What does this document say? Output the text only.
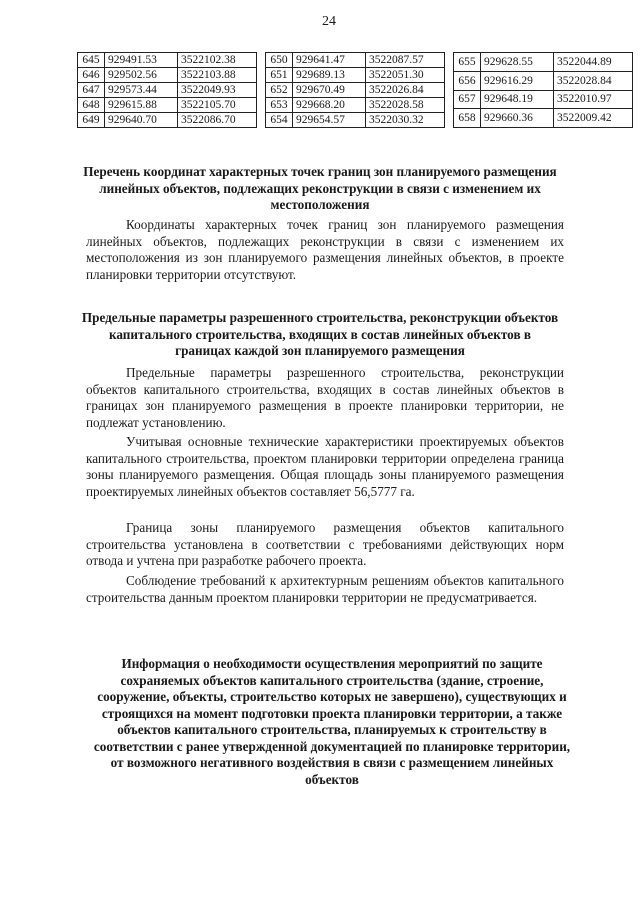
24
645	929491.53	3522102.38
646	929502.56	3522103.88
647	929573.44	3522049.93
648	929615.88	3522105.70
649	929640.70	3522086.70
650	929641.47	3522087.57
651	929689.13	3522051.30
652	929670.49	3522026.84
653	929668.20	3522028.58
654	929654.57	3522030.32
655	929628.55	3522044.89
656	929616.29	3522028.84
657	929648.19	3522010.97
658	929660.36	3522009.42
Перечень координат характерных точек границ зон планируемого размещения линейных объектов, подлежащих реконструкции в связи с изменением их местоположения
Координаты характерных точек границ зон планируемого размещения линейных объектов, подлежащих реконструкции в связи с изменением их местоположения из зон планируемого размещения линейных объектов, в проекте планировки территории отсутствуют.
Предельные параметры разрешенного строительства, реконструкции объектов капитального строительства, входящих в состав линейных объектов в границах каждой зон планируемого размещения
Предельные параметры разрешенного строительства, реконструкции объектов капитального строительства, входящих в состав линейных объектов в границах зон планируемого размещения в проекте планировки территории, не подлежат установлению.
Учитывая основные технические характеристики проектируемых объектов капитального строительства, проектом планировки территории определена граница зоны планируемого размещения. Общая площадь зоны планируемого размещения проектируемых линейных объектов составляет 56,5777 га.
Граница зоны планируемого размещения объектов капитального строительства установлена в соответствии с требованиями действующих норм отвода и учтена при разработке рабочего проекта.
Соблюдение требований к архитектурным решениям объектов капитального строительства данным проектом планировки территории не предусматривается.
Информация о необходимости осуществления мероприятий по защите сохраняемых объектов капитального строительства (здание, строение, сооружение, объекты, строительство которых не завершено), существующих и строящихся на момент подготовки проекта планировки территории, а также объектов капитального строительства, планируемых к строительству в соответствии с ранее утвержденной документацией по планировке территории, от возможного негативного воздействия в связи с размещением линейных объектов
